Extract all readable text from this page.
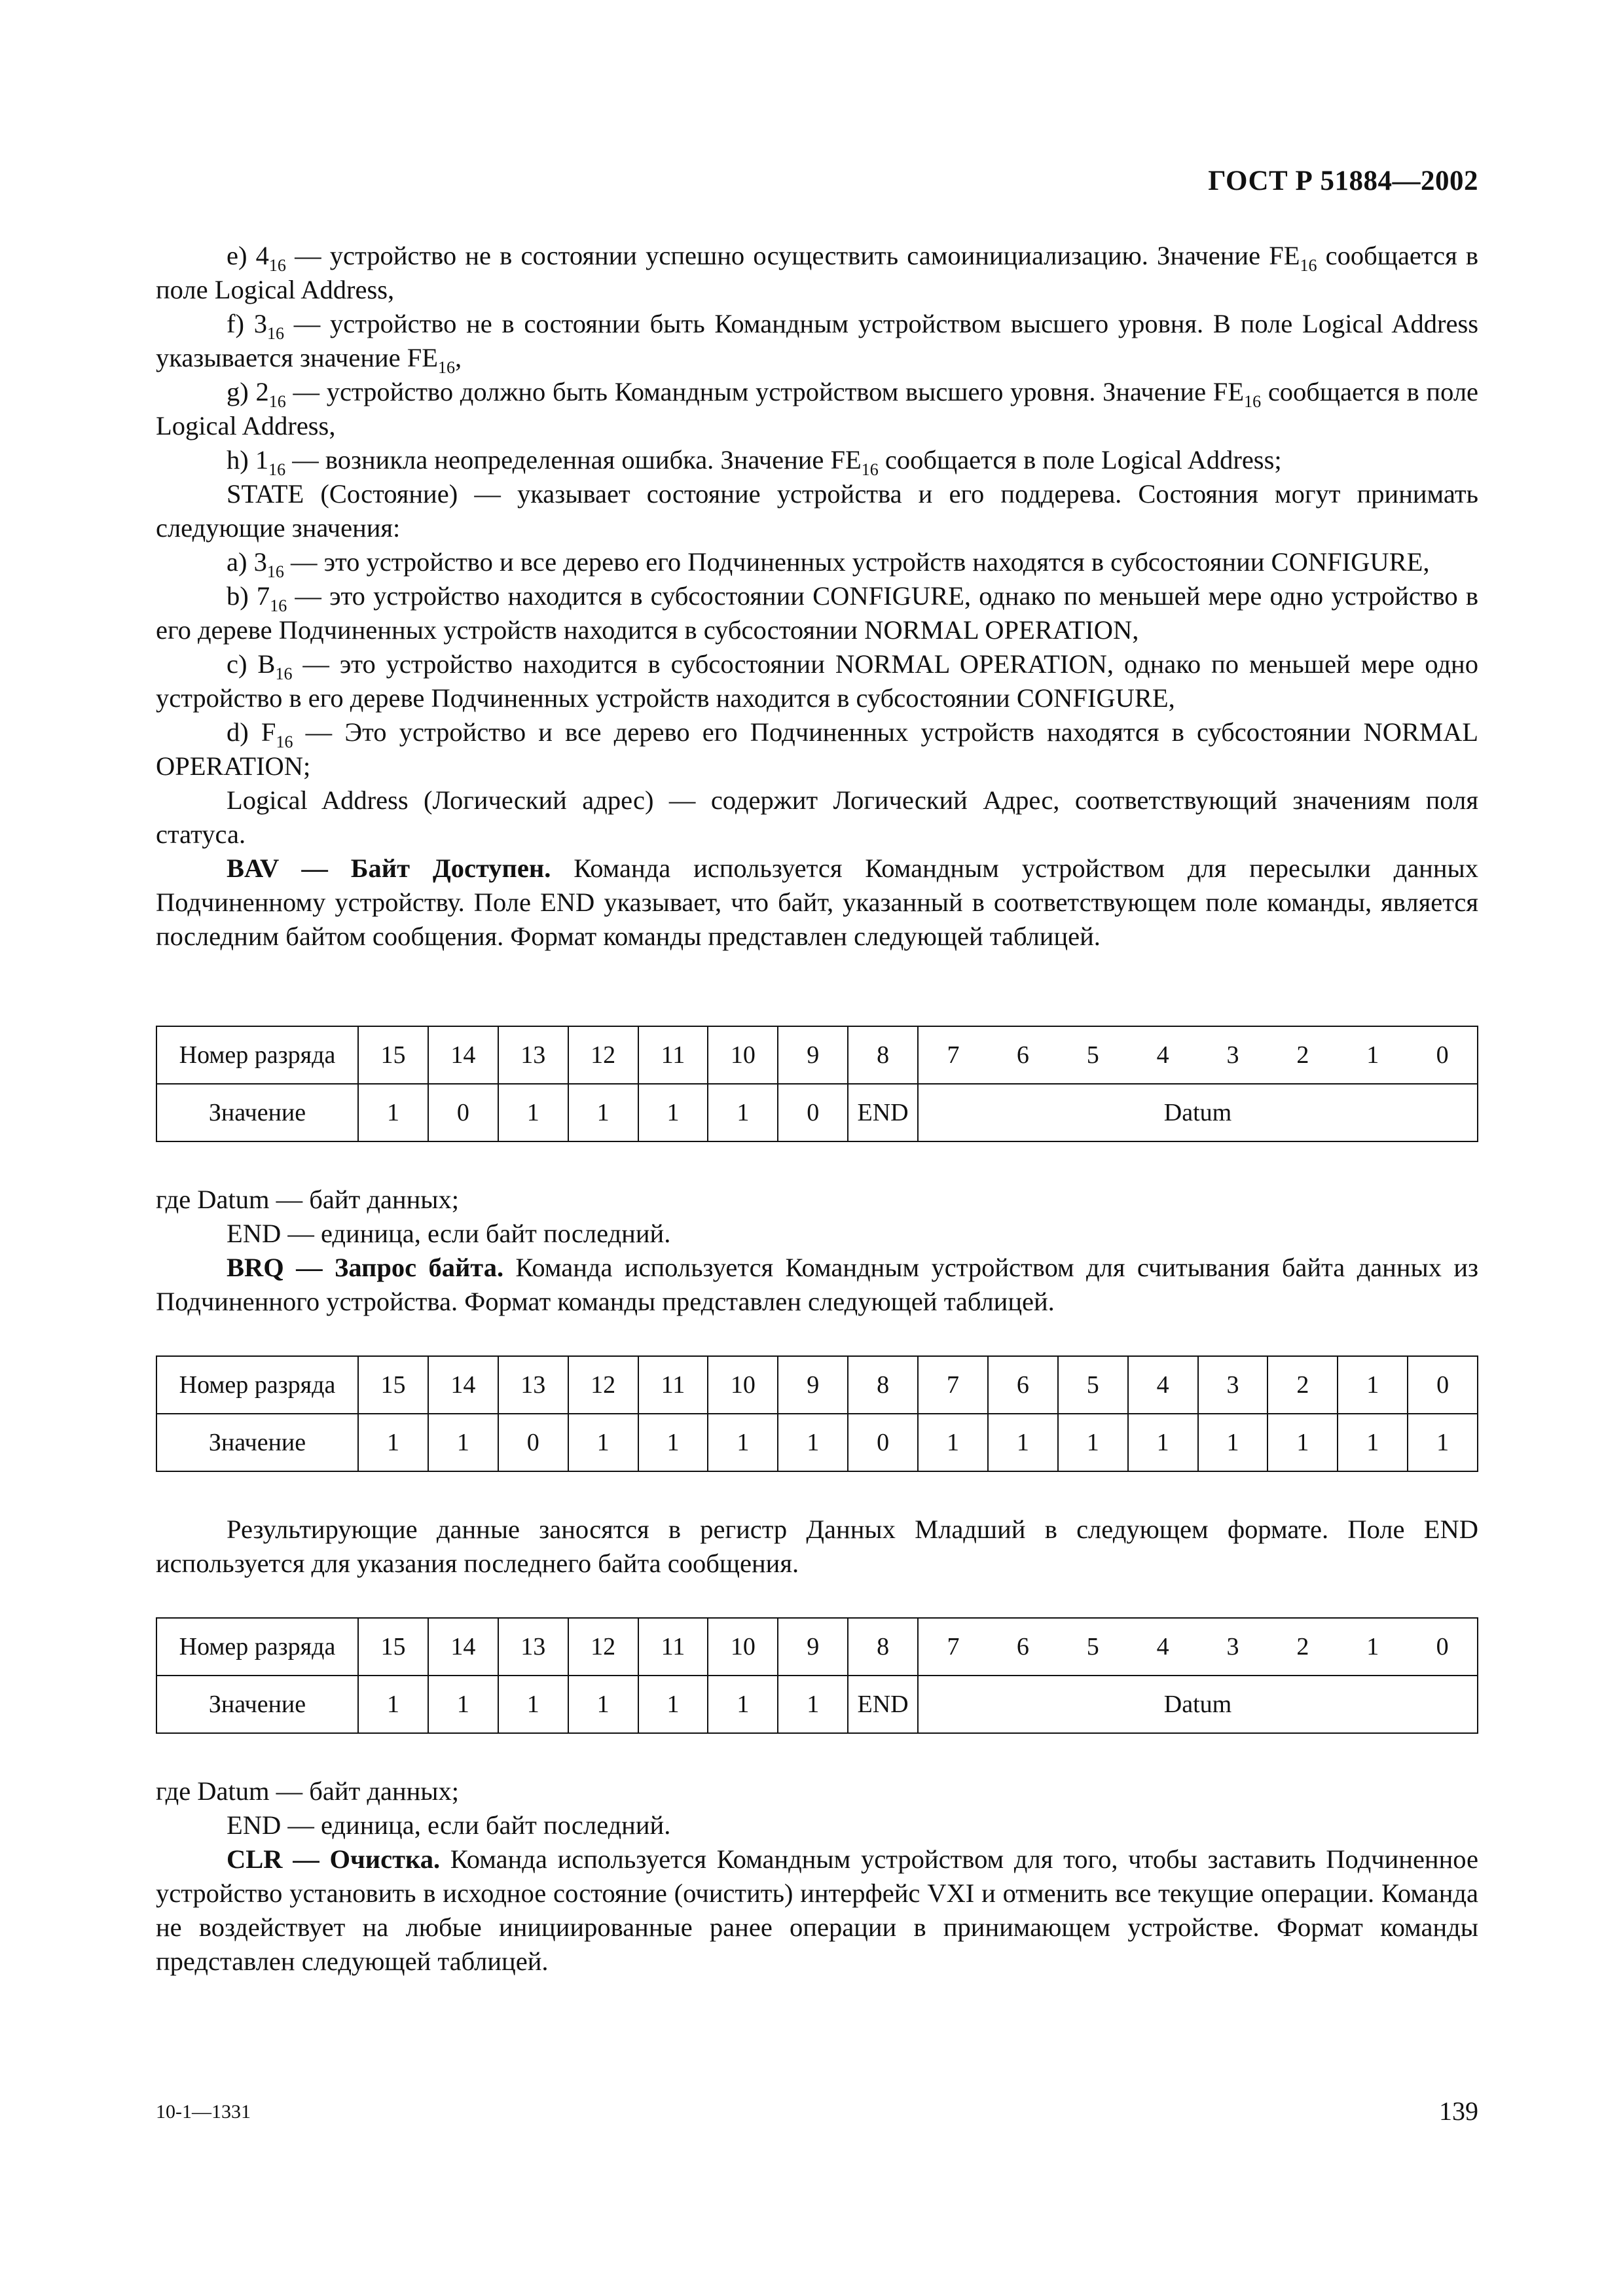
ГОСТ Р 51884—2002

e) $4_{16}$ — устройство не в состоянии успешно осуществить самоинициализацию. Значение $FE_{16}$ сообщается в поле Logical Address,

f) $3_{16}$ — устройство не в состоянии быть Командным устройством высшего уровня. В поле Logical Address указывается значение $FE_{16}$,

g) $2_{16}$ — устройство должно быть Командным устройством высшего уровня. Значение $FE_{16}$ сообщается в поле Logical Address,

h) $1_{16}$ — возникла неопределенная ошибка. Значение $FE_{16}$ сообщается в поле Logical Address;

STATE (Состояние) — указывает состояние устройства и его поддерева. Состояния могут принимать следующие значения:

a) $3_{16}$ — это устройство и все дерево его Подчиненных устройств находятся в субсостоянии CONFIGURE,

b) $7_{16}$ — это устройство находится в субсостоянии CONFIGURE, однако по меньшей мере одно устройство в его дереве Подчиненных устройств находится в субсостоянии NORMAL OPERATION,

c) $B_{16}$ — это устройство находится в субсостоянии NORMAL OPERATION, однако по меньшей мере одно устройство в его дереве Подчиненных устройств находится в субсостоянии CONFIGURE,

d) $F_{16}$ — Это устройство и все дерево его Подчиненных устройств находятся в субсостоянии NORMAL OPERATION;

Logical Address (Логический адрес) — содержит Логический Адрес, соответствующий значениям поля статуса.

BAV — Байт Доступен. Команда используется Командным устройством для пересылки данных Подчиненному устройству. Поле END указывает, что байт, указанный в соответствующем поле команды, является последним байтом сообщения. Формат команды представлен следующей таблицей.

Номер разряда	15	14	13	12	11	10	9	8	7	6	5	4	3	2	1	0
Значение	1	0	1	1	1	1	0	END	Datum							

где Datum — байт данных;

END — единица, если байт последний.

BRQ — Запрос байта. Команда используется Командным устройством для считывания байта данных из Подчиненного устройства. Формат команды представлен следующей таблицей.

Номер разряда	15	14	13	12	11	10	9	8	7	6	5	4	3	2	1	0
Значение	1	1	0	1	1	1	1	0	1	1	1	1	1	1	1	1

Результирующие данные заносятся в регистр Данных Младший в следующем формате. Поле END используется для указания последнего байта сообщения.

Номер разряда	15	14	13	12	11	10	9	8	7	6	5	4	3	2	1	0
Значение	1	1	1	1	1	1	1	END	Datum							

где Datum — байт данных;

END — единица, если байт последний.

CLR — Очистка. Команда используется Командным устройством для того, чтобы заставить Подчиненное устройство установить в исходное состояние (очистить) интерфейс VXI и отменить все текущие операции. Команда не воздействует на любые инициированные ранее операции в принимающем устройстве. Формат команды представлен следующей таблицей.

10-1—1331	139
